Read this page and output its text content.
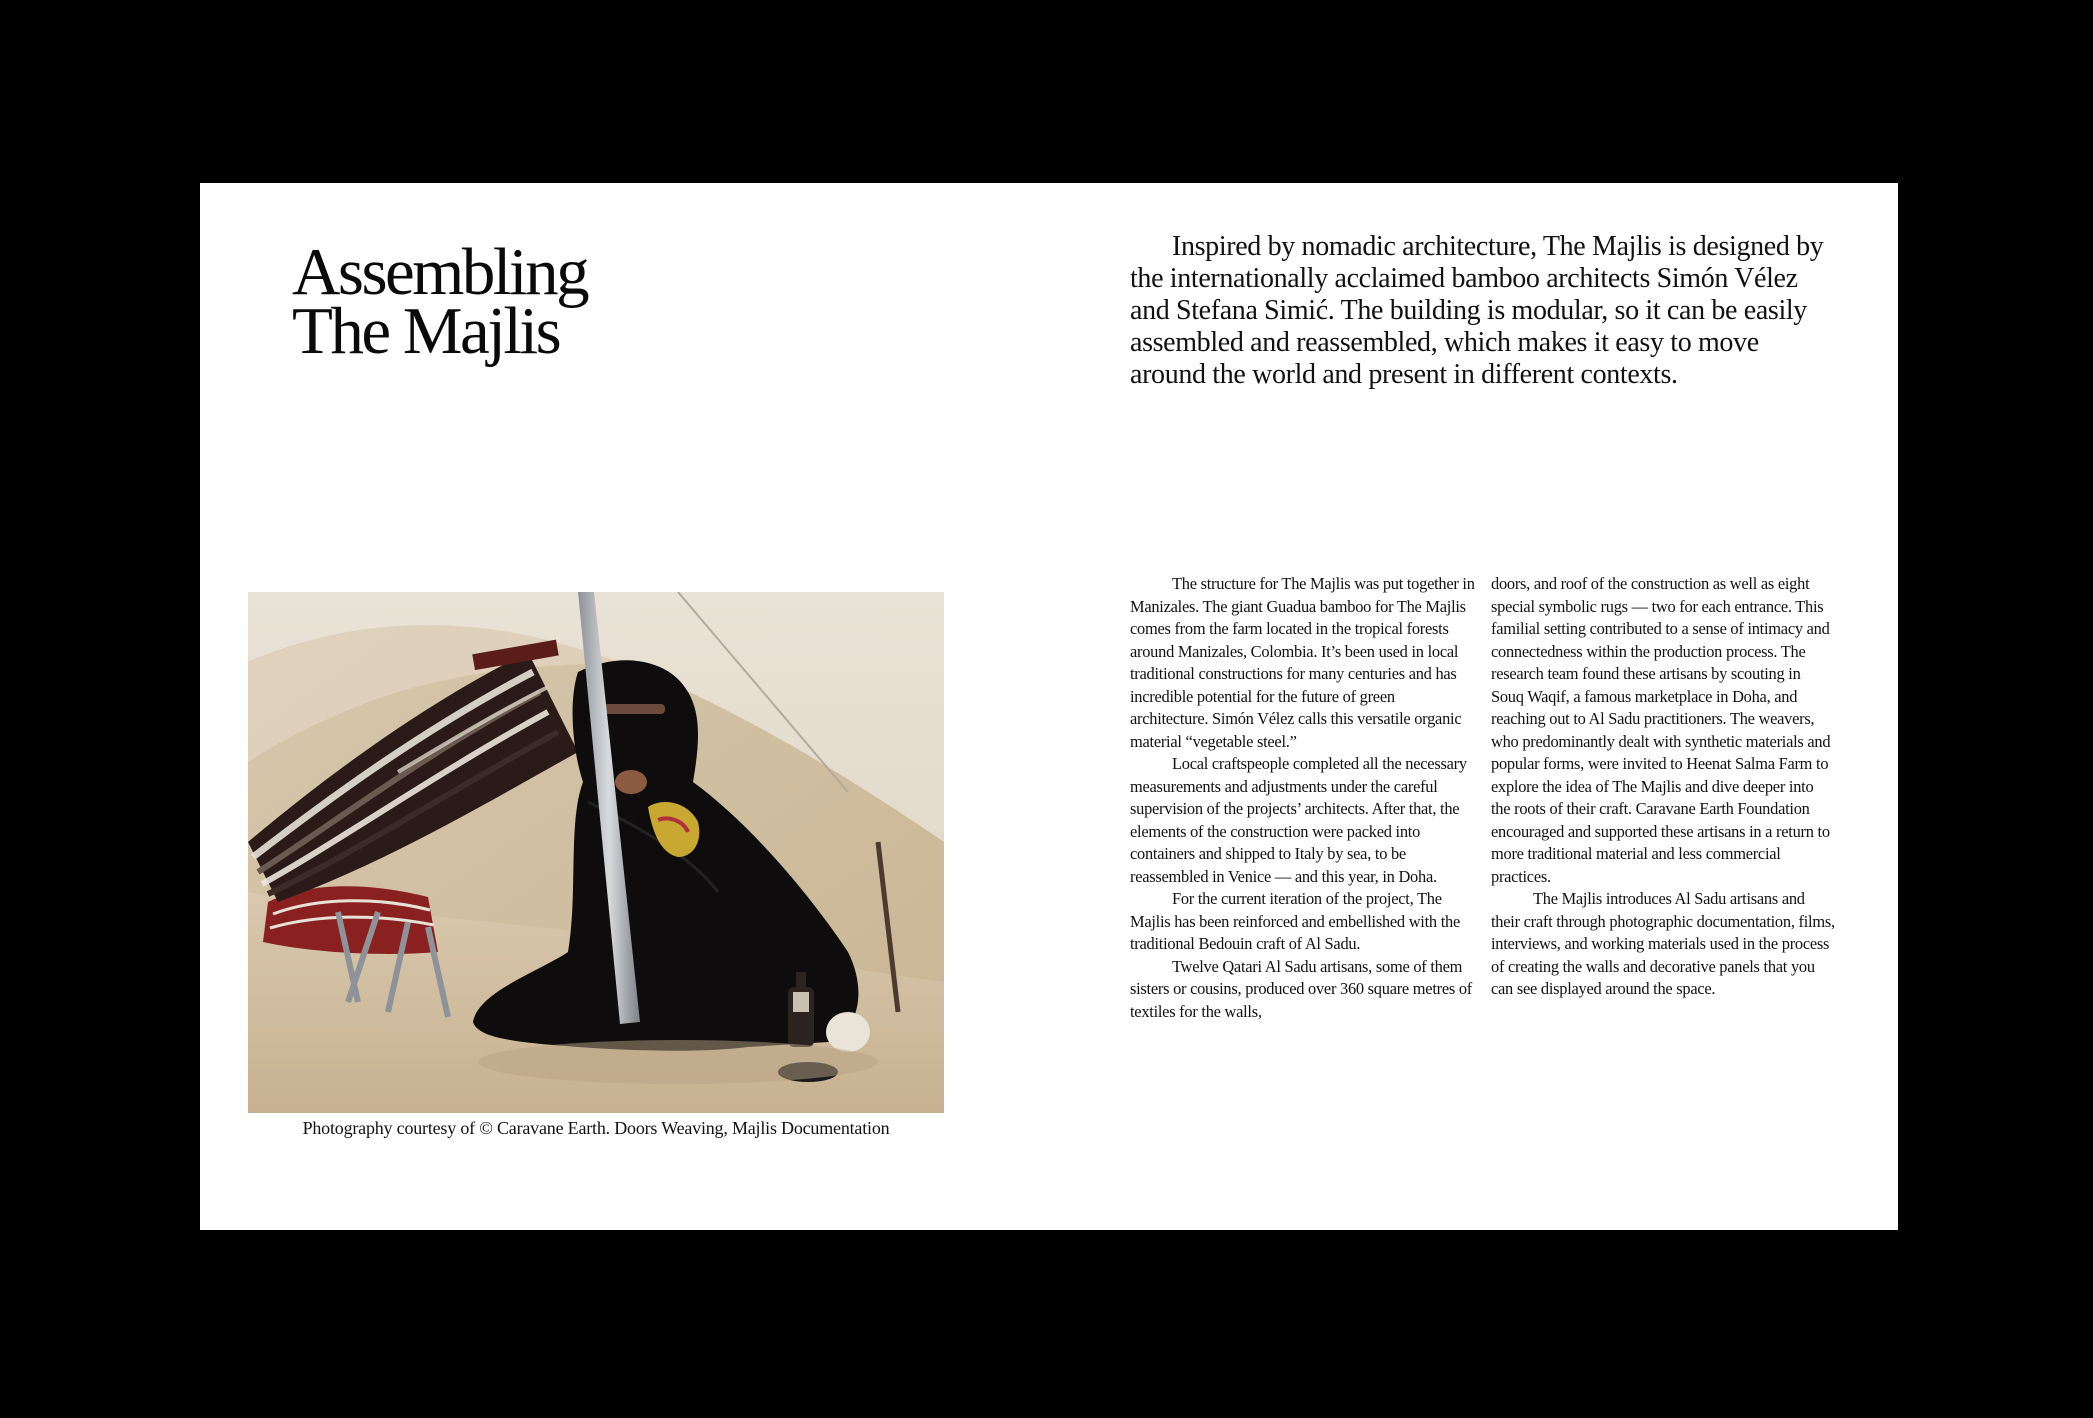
Assembling
The Majlis

Inspired by nomadic architecture, The Majlis is designed by the internationally acclaimed bamboo architects Simón Vélez and Stefana Simić. The building is modular, so it can be easily assembled and reassembled, which makes it easy to move around the world and present in different contexts.

Photography courtesy of © Caravane Earth. Doors Weaving, Majlis Documentation

The structure for The Majlis was put together in Manizales. The giant Guadua bamboo for The Majlis comes from the farm located in the tropical forests around Manizales, Colombia. It’s been used in local traditional constructions for many centuries and has incredible potential for the future of green architecture. Simón Vélez calls this versatile organic material “vegetable steel.”

Local craftspeople completed all the necessary measurements and adjustments under the careful supervision of the projects’ architects. After that, the elements of the construction were packed into containers and shipped to Italy by sea, to be reassembled in Venice — and this year, in Doha.

For the current iteration of the project, The Majlis has been reinforced and embellished with the traditional Bedouin craft of Al Sadu.

Twelve Qatari Al Sadu artisans, some of them sisters or cousins, produced over 360 square metres of textiles for the walls,

doors, and roof of the construction as well as eight special symbolic rugs — two for each entrance. This familial setting contributed to a sense of intimacy and connectedness within the production process. The research team found these artisans by scouting in Souq Waqif, a famous marketplace in Doha, and reaching out to Al Sadu practitioners. The weavers, who predominantly dealt with synthetic materials and popular forms, were invited to Heenat Salma Farm to explore the idea of The Majlis and dive deeper into the roots of their craft. Caravane Earth Foundation encouraged and supported these artisans in a return to more traditional material and less commercial practices.

The Majlis introduces Al Sadu artisans and their craft through photographic documentation, films, interviews, and working materials used in the process of creating the walls and decorative panels that you can see displayed around the space.
